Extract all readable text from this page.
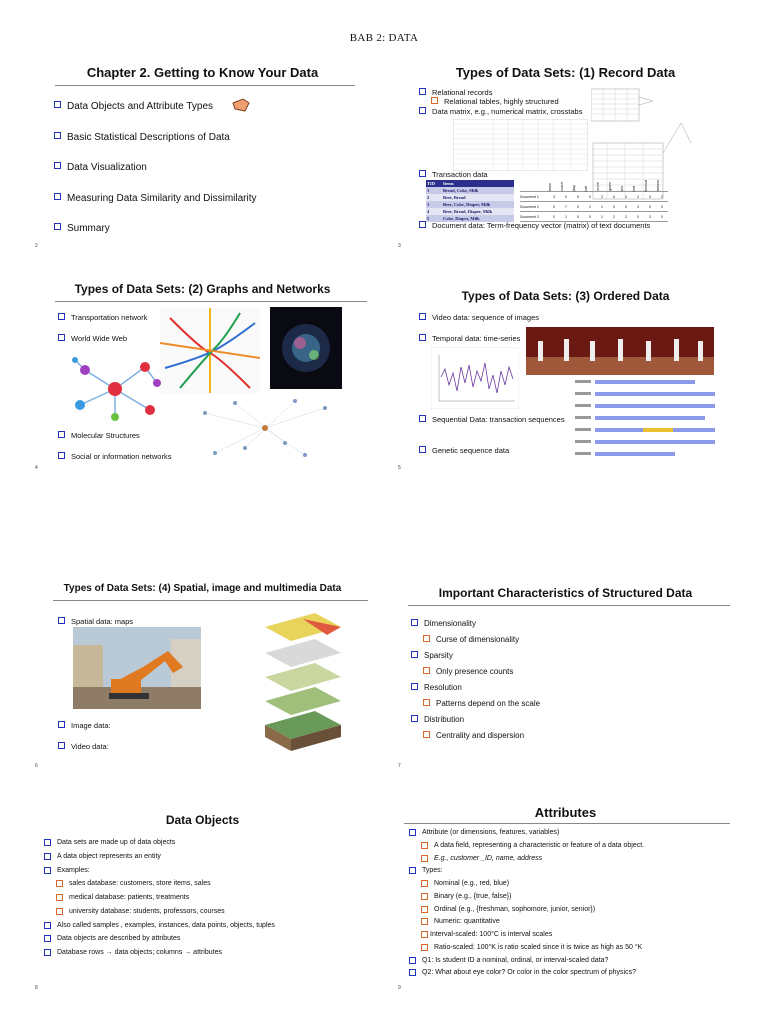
BAB 2: DATA
Chapter 2. Getting to Know Your Data
Data Objects and Attribute Types
Basic Statistical Descriptions of Data
Data Visualization
Measuring Data Similarity and Dissimilarity
Summary
2
Types of Data Sets: (1) Record Data
Relational records
Relational tables, highly structured
Data matrix, e.g., numerical matrix, crosstabs
Transaction data
TID	Items
1	Bread, Coke, Milk
2	Beer, Bread
3	Beer, Coke, Diaper, Milk
4	Beer, Bread, Diaper, Milk
5	Coke, Diaper, Milk
team	coach	play	ball	score	game	win	lost	timeout	season
Document 1	3	0	5	0	2	6	0	2	0	2
Document 2	0	7	0	2	1	0	0	3	0	0
Document 3	0	1	0	0	1	2	2	0	3	0
Document data: Term-frequency vector (matrix) of text documents
3
Types of Data Sets: (2) Graphs and Networks
Transportation network
World Wide Web
Molecular Structures
Social or information networks
4
Types of Data Sets: (3) Ordered Data
Video data: sequence of images
Temporal data: time-series
Sequential Data: transaction sequences
Genetic sequence data
5
Types of Data Sets: (4) Spatial, image and multimedia Data
Spatial data: maps
Image data:
Video data:
6
Important Characteristics of Structured Data
Dimensionality
Curse of dimensionality
Sparsity
Only presence counts
Resolution
Patterns depend on the scale
Distribution
Centrality and dispersion
7
Data Objects
Data sets are made up of data objects
A data object represents an entity
Examples:
sales database: customers, store items, sales
medical database: patients, treatments
university database: students, professors, courses
Also called samples , examples, instances, data points, objects, tuples
Data objects are described by attributes
Database rows → data objects; columns → attributes
8
Attributes
Attribute (or dimensions, features, variables)
A data field, representing a characteristic or feature of a data object.
E.g., customer _ID, name, address
Types:
Nominal (e.g., red, blue)
Binary (e.g., {true, false})
Ordinal (e.g., {freshman, sophomore, junior, senior})
Numeric: quantitative
Interval-scaled: 100°C is interval scales
Ratio-scaled: 100°K is ratio scaled since it is twice as high as 50 °K
Q1: Is student ID a nominal, ordinal, or interval-scaled data?
Q2: What about eye color? Or color in the color spectrum of physics?
9
